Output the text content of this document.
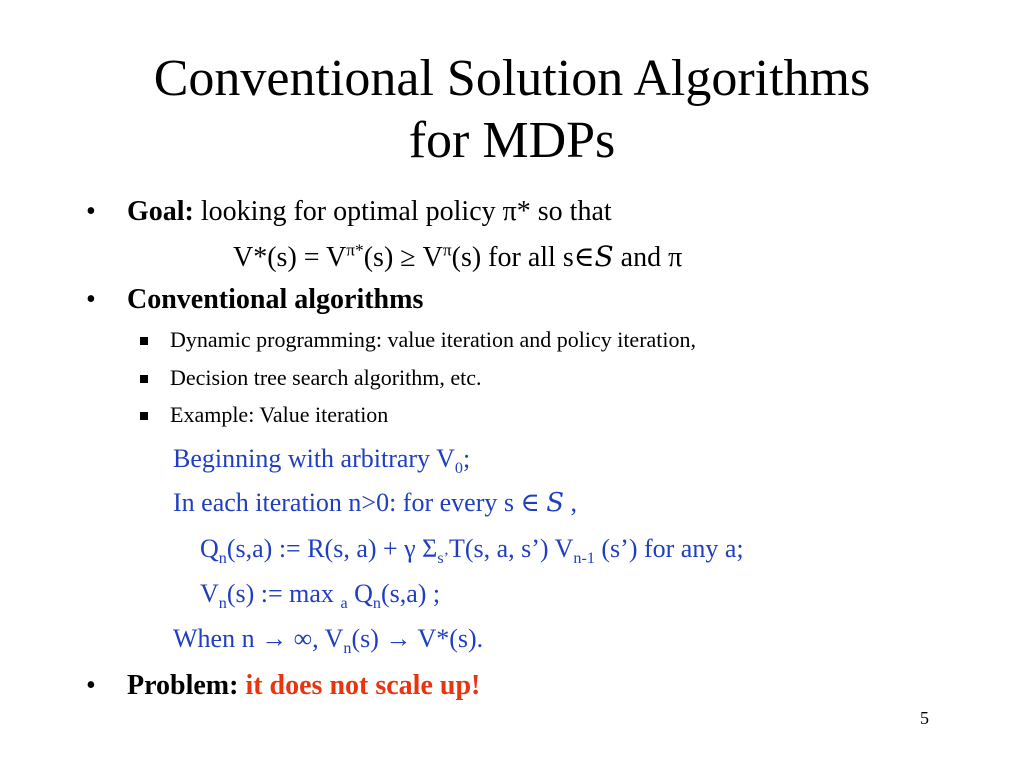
Conventional Solution Algorithms
for MDPs
• Goal: looking for optimal policy π* so that
$V*(s) = V^{\pi*}(s) \ge V^\pi(s)$ for all s∈S and π
• Conventional algorithms
Dynamic programming: value iteration and policy iteration,
Decision tree search algorithm, etc.
Example: Value iteration
Beginning with arbitrary $V_0$;
In each iteration n>0: for every s ∈ S ,
$Q_n(s,a)$ := R(s, a) + γ $\Sigma_{s’}T(s$, a, s’) $V_{n-1}$ (s’) for any a;
$V_n(s)$ := max $_a$ $Q_n(s,a)$ ;
When n → ∞, $V_n(s) \to V*(s)$.
• Problem: it does not scale up!
5
